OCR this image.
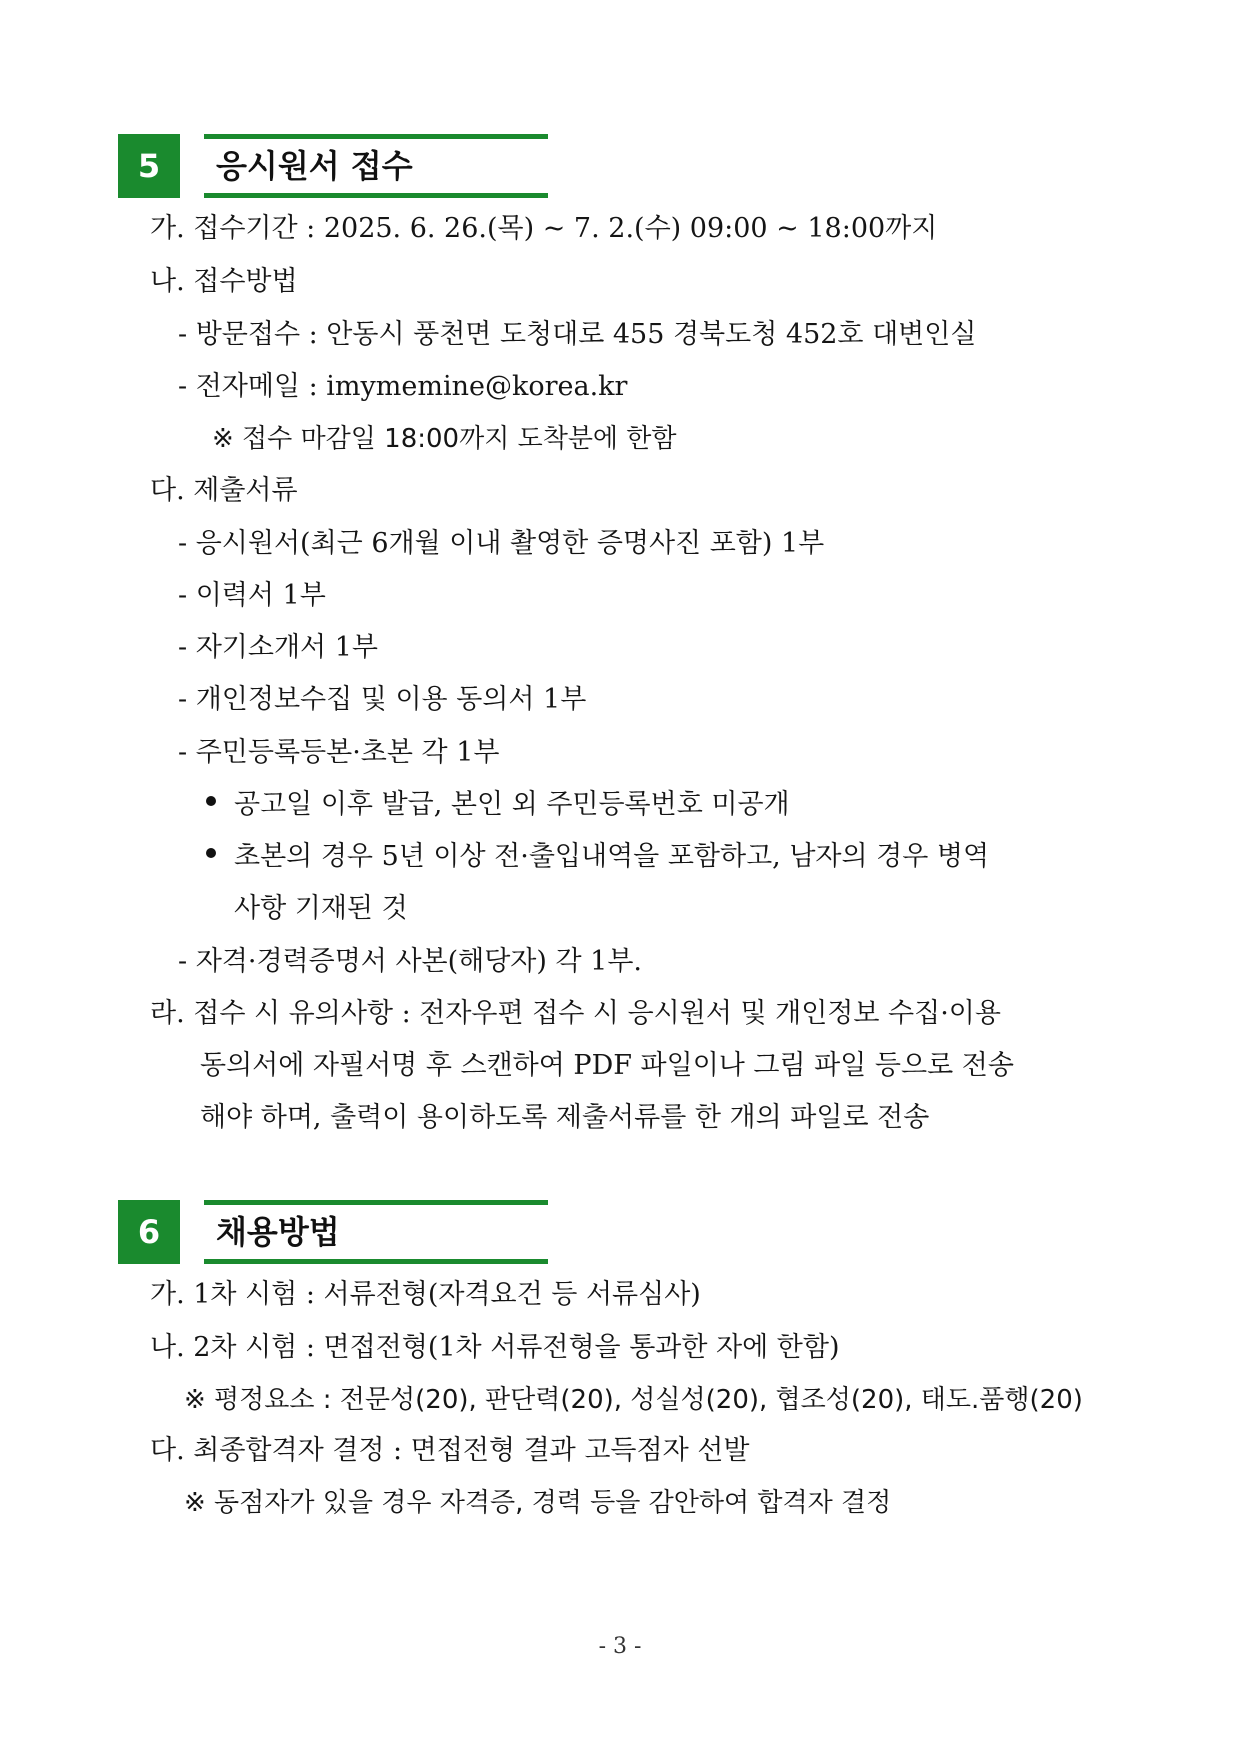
5	응시원서 접수
가. 접수기간 : 2025. 6. 26.(목) ~ 7. 2.(수) 09:00 ~ 18:00까지
나. 접수방법
- 방문접수 : 안동시 풍천면 도청대로 455 경북도청 452호 대변인실
- 전자메일 : imymemine@korea.kr
※ 접수 마감일 18:00까지 도착분에 한함
다. 제출서류
- 응시원서(최근 6개월 이내 촬영한 증명사진 포함) 1부
- 이력서 1부
- 자기소개서 1부
- 개인정보수집 및 이용 동의서 1부
- 주민등록등본·초본 각 1부
공고일 이후 발급, 본인 외 주민등록번호 미공개
초본의 경우 5년 이상 전·출입내역을 포함하고, 남자의 경우 병역
사항 기재된 것
- 자격·경력증명서 사본(해당자) 각 1부.
라. 접수 시 유의사항 : 전자우편 접수 시 응시원서 및 개인정보 수집·이용
동의서에 자필서명 후 스캔하여 PDF 파일이나 그림 파일 등으로 전송
해야 하며, 출력이 용이하도록 제출서류를 한 개의 파일로 전송
6	채용방법
가. 1차 시험 : 서류전형(자격요건 등 서류심사)
나. 2차 시험 : 면접전형(1차 서류전형을 통과한 자에 한함)
※ 평정요소 : 전문성(20), 판단력(20), 성실성(20), 협조성(20), 태도.품행(20)
다. 최종합격자 결정 : 면접전형 결과 고득점자 선발
※ 동점자가 있을 경우 자격증, 경력 등을 감안하여 합격자 결정
- 3 -
